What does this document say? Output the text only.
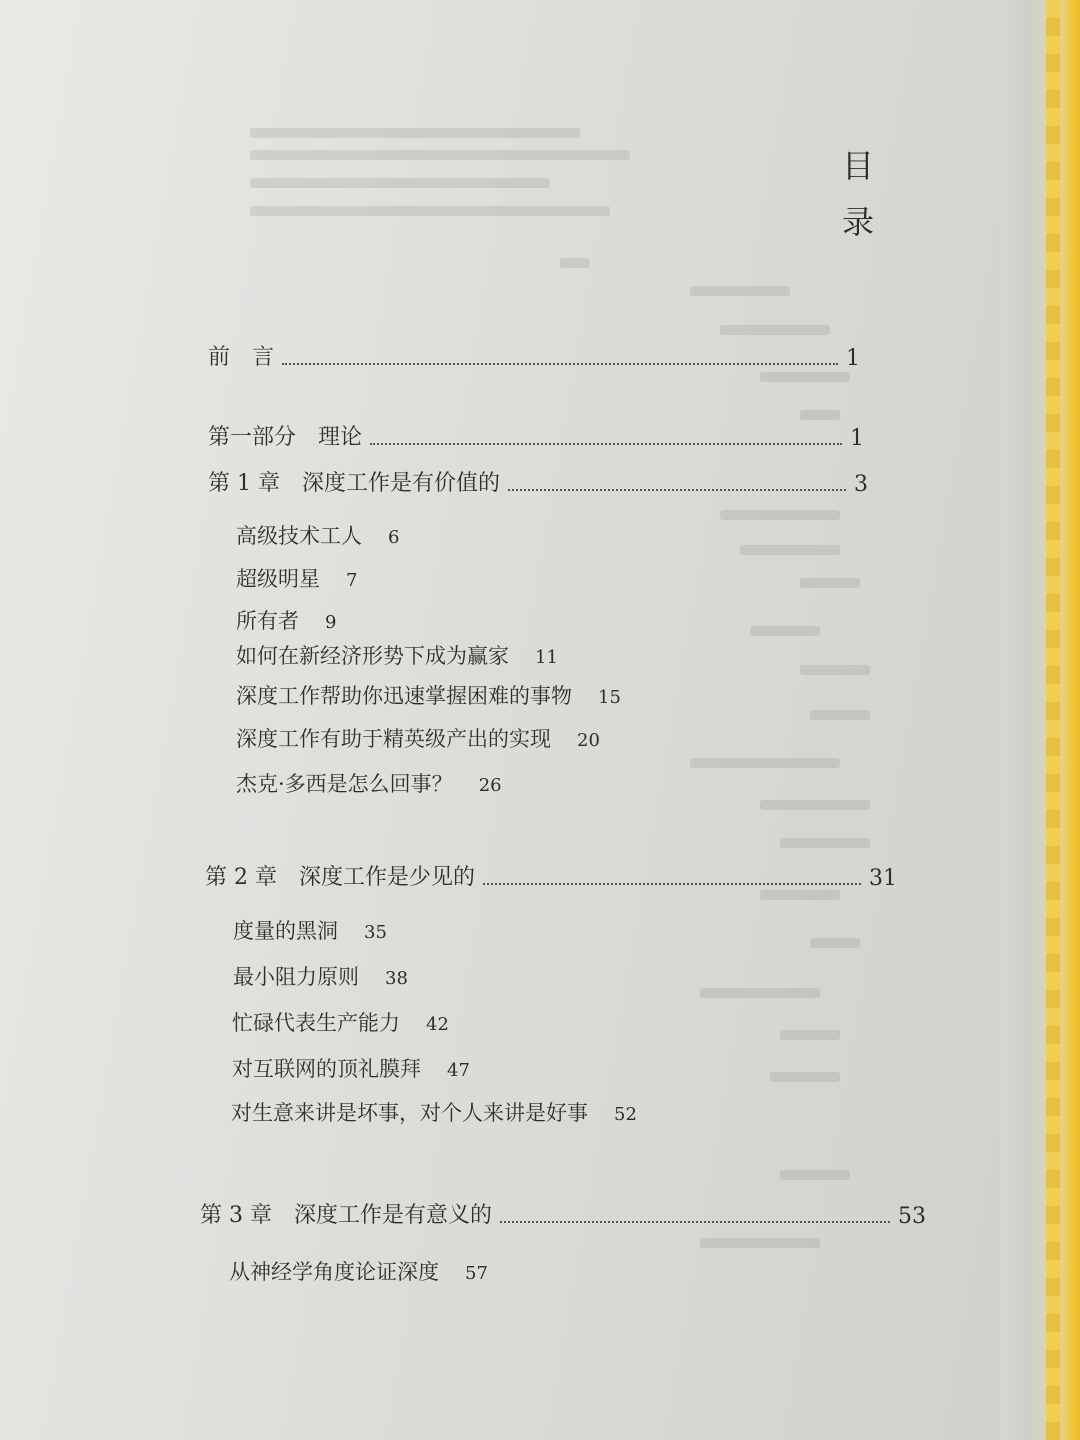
目
录
前　言	1
第一部分　理论	1
第 1 章　深度工作是有价值的	3
高级技术工人 6
超级明星 7
所有者 9
如何在新经济形势下成为赢家 11
深度工作帮助你迅速掌握困难的事物 15
深度工作有助于精英级产出的实现 20
杰克·多西是怎么回事？ 26
第 2 章　深度工作是少见的	31
度量的黑洞 35
最小阻力原则 38
忙碌代表生产能力 42
对互联网的顶礼膜拜 47
对生意来讲是坏事，对个人来讲是好事 52
第 3 章　深度工作是有意义的	53
从神经学角度论证深度 57
